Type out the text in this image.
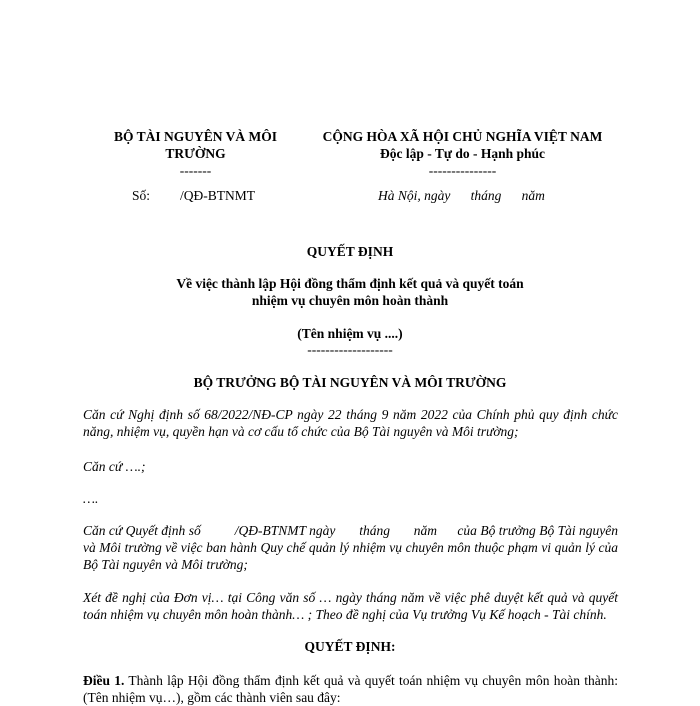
BỘ TÀI NGUYÊN VÀ MÔI
TRƯỜNG
-------
CỘNG HÒA XÃ HỘI CHỦ NGHĨA VIỆT NAM
Độc lập - Tự do - Hạnh phúc
---------------
Số: /QĐ-BTNMT	Hà Nội, ngày      tháng      năm
QUYẾT ĐỊNH
Về việc thành lập Hội đồng thẩm định kết quả và quyết toán
nhiệm vụ chuyên môn hoàn thành
(Tên nhiệm vụ ....)
-------------------
BỘ TRƯỞNG BỘ TÀI NGUYÊN VÀ MÔI TRƯỜNG
Căn cứ Nghị định số 68/2022/NĐ-CP ngày 22 tháng 9 năm 2022 của Chính phủ quy định chức năng, nhiệm vụ, quyền hạn và cơ cấu tổ chức của Bộ Tài nguyên và Môi trường;
Căn cứ ….;
….
Căn cứ Quyết định số          /QĐ-BTNMT ngày       tháng       năm      của Bộ trưởng Bộ Tài nguyên và Môi trường về việc ban hành Quy chế quản lý nhiệm vụ chuyên môn thuộc phạm vi quản lý của Bộ Tài nguyên và Môi trường;
Xét đề nghị của Đơn vị… tại Công văn số … ngày tháng năm về việc phê duyệt kết quả và quyết toán nhiệm vụ chuyên môn hoàn thành… ; Theo đề nghị của Vụ trưởng Vụ Kế hoạch - Tài chính.
QUYẾT ĐỊNH:
Điều 1. Thành lập Hội đồng thẩm định kết quả và quyết toán nhiệm vụ chuyên môn hoàn thành: (Tên nhiệm vụ…), gồm các thành viên sau đây:
